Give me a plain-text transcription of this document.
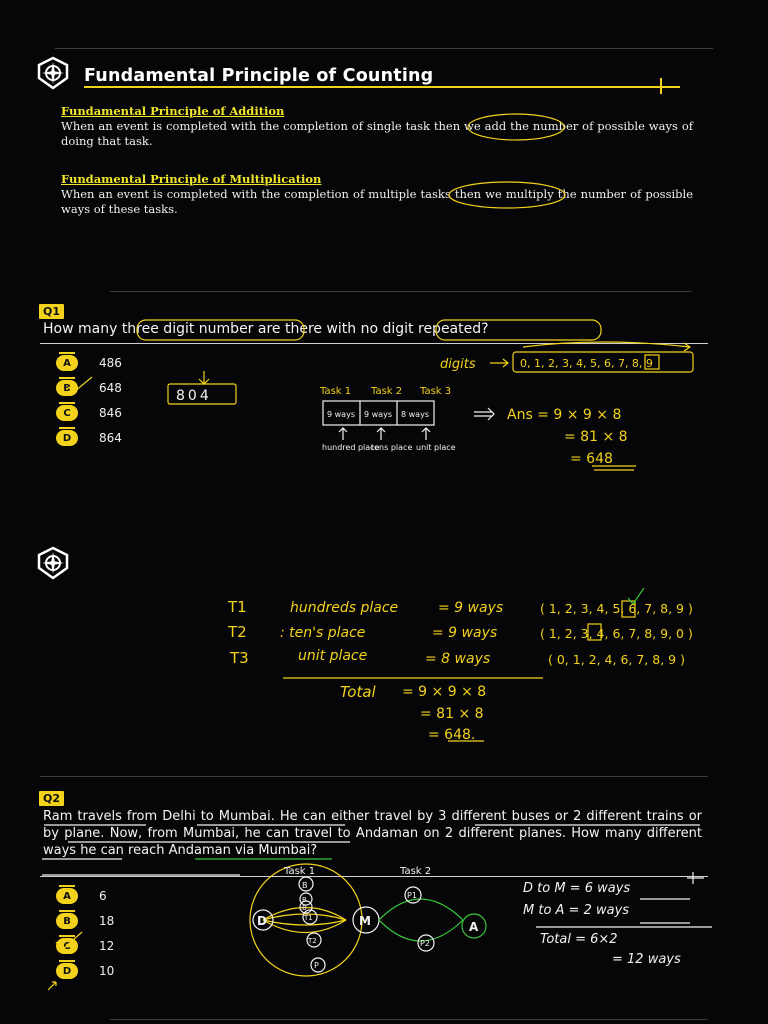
Fundamental Principle of Counting
Fundamental Principle of Addition
When an event is completed with the completion of single task then we add the number of possible ways of doing that task.
Fundamental Principle of Multiplication
When an event is completed with the completion of multiple tasks then we multiply the number of possible ways of these tasks.
Q1
How many three digit number are there with no digit repeated?
A	486
B	648
C	846
D	864
Q2
Ram travels from Delhi to Mumbai. He can either travel by 3 different buses or 2 different trains or by plane. Now, from Mumbai, he can travel to Andaman on 2 different planes. How many different ways he can reach Andaman via Mumbai?
A	6
B	18
C	12
D	10
804
digits	0, 1, 2, 3, 4, 5, 6, 7, 8, 9
Task 1 Task 2 Task 3
9 ways 9 ways 8 ways
hundred place
tens place unit place
Ans = 9 × 9 × 8
= 81 × 8
= 648
T1	hundreds place	= 9 ways	( 1, 2, 3, 4, 5, 6, 7, 8, 9 )
T2 : ten's place	= 9 ways	( 1, 2, 3, 4, 6, 7, 8, 9, 0 )
T3	unit place	= 8 ways	( 0, 1, 2, 4, 6, 7, 8, 9 )
Total = 9 × 9 × 8
= 81 × 8
= 648.
Task 1	Task 2
D	M	A
B
B
B
T1
T2
P
P1
P2
D to M = 6 ways
M to A = 2 ways
Total = 6×2
= 12 ways
